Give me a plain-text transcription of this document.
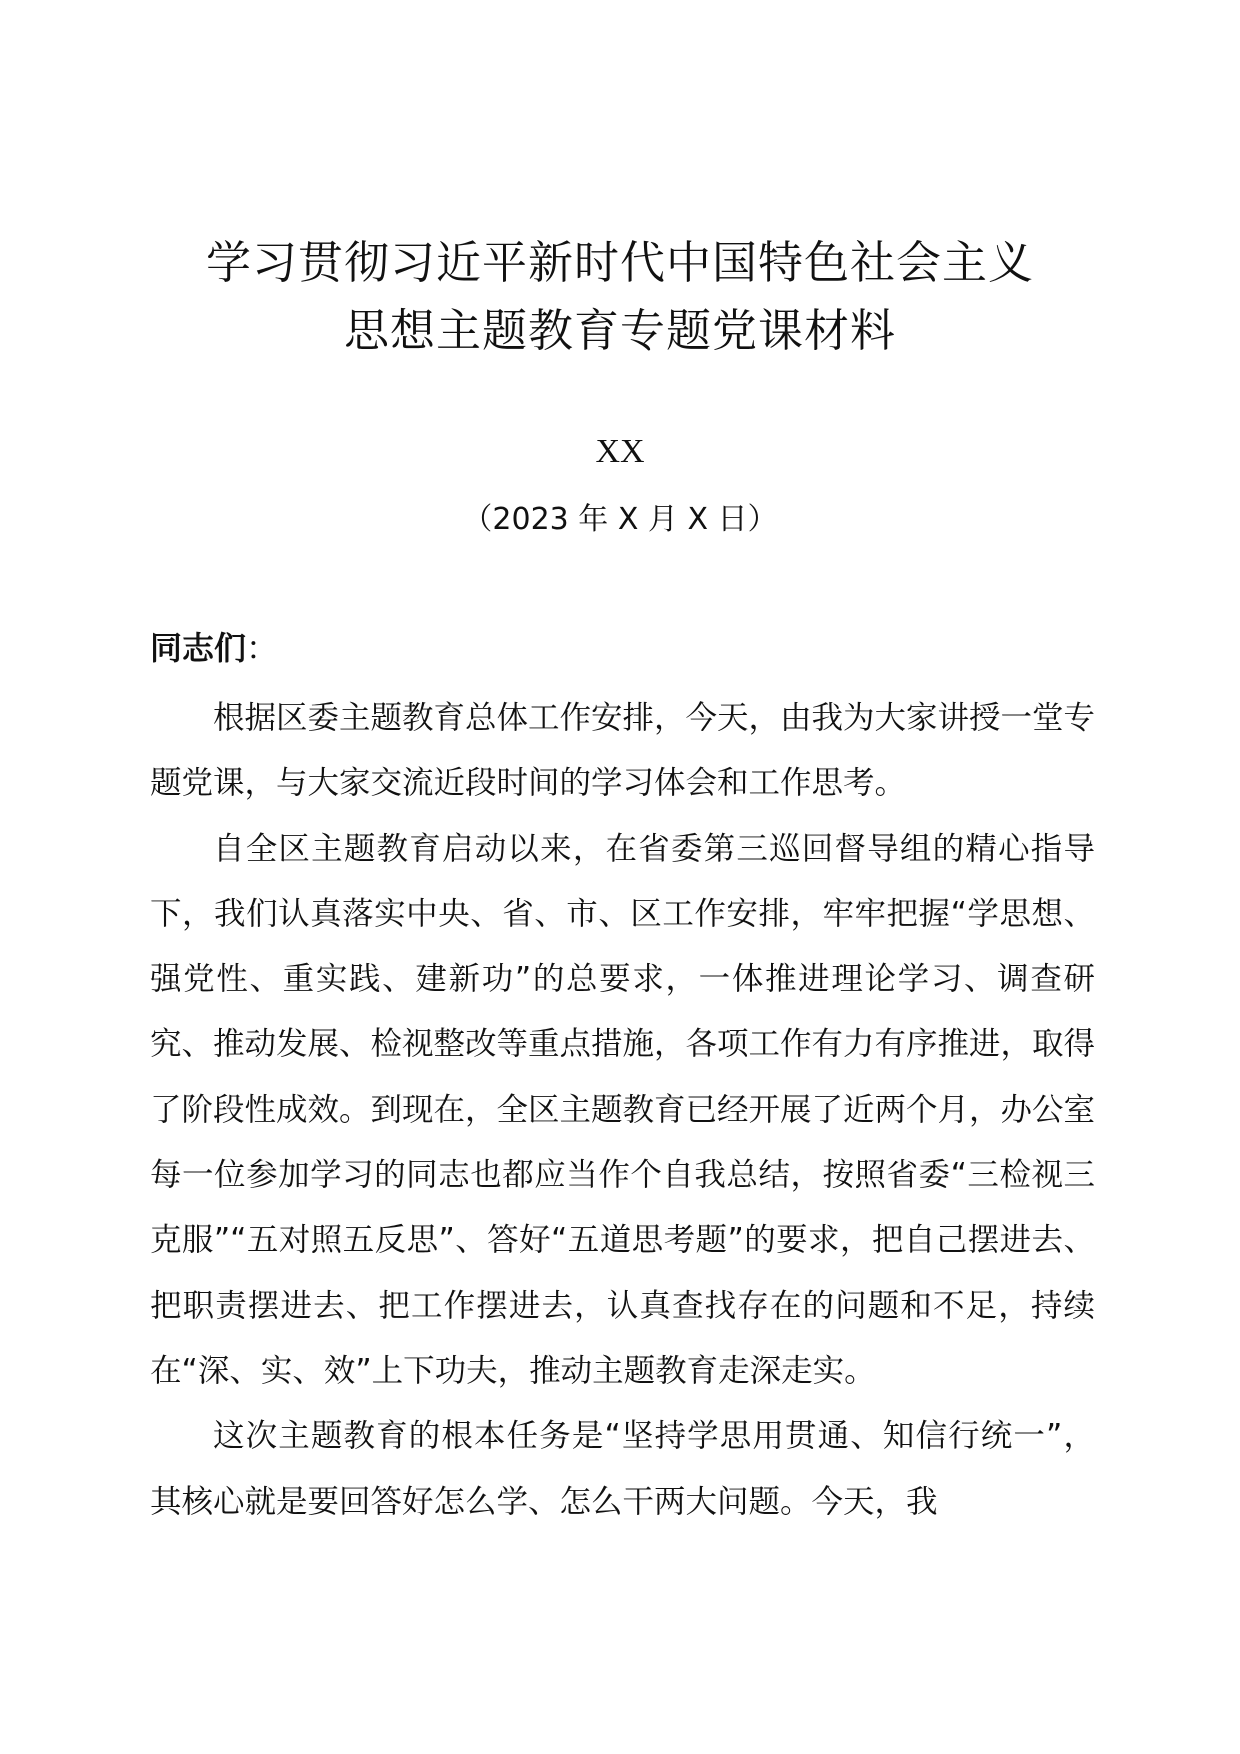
学习贯彻习近平新时代中国特色社会主义
思想主题教育专题党课材料
XX
（2023 年 X 月 X 日）
同志们：

根据区委主题教育总体工作安排，今天，由我为大家讲授一堂专题党课，与大家交流近段时间的学习体会和工作思考。

自全区主题教育启动以来，在省委第三巡回督导组的精心指导下，我们认真落实中央、省、市、区工作安排，牢牢把握“学思想、强党性、重实践、建新功”的总要求，一体推进理论学习、调查研究、推动发展、检视整改等重点措施，各项工作有力有序推进，取得了阶段性成效。到现在，全区主题教育已经开展了近两个月，办公室每一位参加学习的同志也都应当作个自我总结，按照省委“三检视三克服”“五对照五反思”、答好“五道思考题”的要求，把自己摆进去、把职责摆进去、把工作摆进去，认真查找存在的问题和不足，持续在“深、实、效”上下功夫，推动主题教育走深走实。

这次主题教育的根本任务是“坚持学思用贯通、知信行统一”，其核心就是要回答好怎么学、怎么干两大问题。今天，我
